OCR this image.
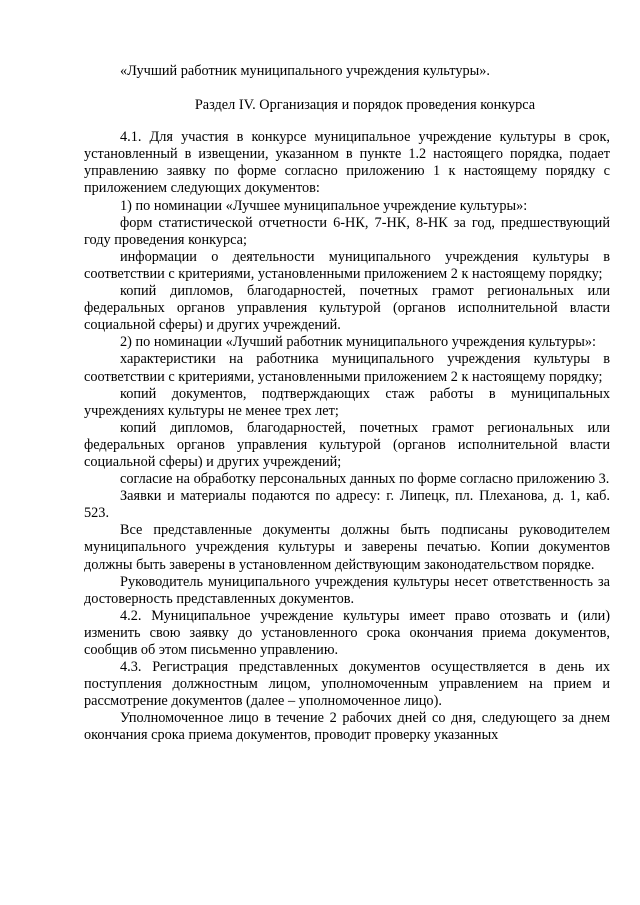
«Лучший работник муниципального учреждения культуры».

Раздел IV. Организация и порядок проведения конкурса

4.1. Для участия в конкурсе муниципальное учреждение культуры в срок, установленный в извещении, указанном в пункте 1.2 настоящего порядка, подает управлению заявку по форме согласно приложению 1 к настоящему порядку с приложением следующих документов:

1) по номинации «Лучшее муниципальное учреждение культуры»:

форм статистической отчетности 6-НК, 7-НК, 8-НК за год, предшествующий году проведения конкурса;

информации о деятельности муниципального учреждения культуры в соответствии с критериями, установленными приложением 2 к настоящему порядку;

копий дипломов, благодарностей, почетных грамот региональных или федеральных органов управления культурой (органов исполнительной власти социальной сферы) и других учреждений.

2) по номинации «Лучший работник муниципального учреждения культуры»:

характеристики на работника муниципального учреждения культуры в соответствии с критериями, установленными приложением 2 к настоящему порядку;

копий документов, подтверждающих стаж работы в муниципальных учреждениях культуры не менее трех лет;

копий дипломов, благодарностей, почетных грамот региональных или федеральных органов управления культурой (органов исполнительной власти социальной сферы) и других учреждений;

согласие на обработку персональных данных по форме согласно приложению 3.

Заявки и материалы подаются по адресу: г. Липецк, пл. Плеханова, д. 1, каб. 523.

Все представленные документы должны быть подписаны руководителем муниципального учреждения культуры и заверены печатью. Копии документов должны быть заверены в установленном действующим законодательством порядке.

Руководитель муниципального учреждения культуры несет ответственность за достоверность представленных документов.

4.2. Муниципальное учреждение культуры имеет право отозвать и (или) изменить свою заявку до установленного срока окончания приема документов, сообщив об этом письменно управлению.

4.3. Регистрация представленных документов осуществляется в день их поступления должностным лицом, уполномоченным управлением на прием и рассмотрение документов (далее – уполномоченное лицо).

Уполномоченное лицо в течение 2 рабочих дней со дня, следующего за днем окончания срока приема документов, проводит проверку указанных
